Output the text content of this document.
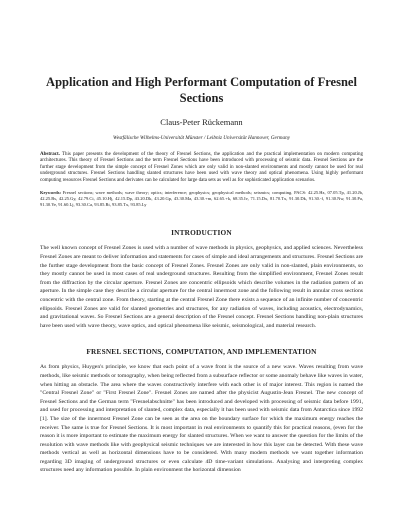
Application and High Performant Computation of Fresnel Sections
Claus-Peter Rückemann
Westfälische Wilhelms-Universität Münster / Leibniz Universität Hannover, Germany
Abstract. This paper presents the development of the theory of Fresnel Sections, the application and the practical implementation on modern computing architectures. This theory of Fresnel Sections and the term Fresnel Sections have been introduced with processing of seismic data. Fresnel Sections are the further stage development from the simple concept of Fresnel Zones which are only valid in non-slanted environments and mostly cannot be used for real underground structures. Fresnel Sections handling slanted structures have been used with wave theory and optical phenomena. Using highly performant computing resources Fresnel Sections and derivates can be calculated for large data sets as well as for sophisticated application scenarios.
Keywords: Fresnel sections; wave methods; wave theory; optics; interference; geophysics; geophysical methods; seismics; computing. PACS: 42.25.Hz, 07.05.Tp, 41.20.Jb, 42.25.Bs, 42.25.Gy, 42.79.Ci, 45.10.Hj, 42.15.Dp, 43.20.Dk, 43.20.Gp, 43.30.Ma, 43.30.+m, 62.65.+k, 68.35.Iv, 71.15.Dx, 81.70.Tx, 91.30.Dk, 91.30.-f, 91.30.Nw, 91.30.Pa, 91.30.Ye, 91.60.Lj, 93.30.Ca, 93.85.Rt, 93.85.Tx, 93.85.Ly
INTRODUCTION
The well known concept of Fresnel Zones is used with a number of wave methods in physics, geophysics, and applied sciences. Nevertheless Fresnel Zones are meant to deliver information and statements for cases of simple and ideal arrangements and structures. Fresnel Sections are the further stage development from the basic concept of Fresnel Zones. Fresnel Zones are only valid in non-slanted, plain environments, so they mostly cannot be used in most cases of real underground structures. Resulting from the simplified environment, Fresnel Zones result from the diffraction by the circular aperture. Fresnel Zones are concentric ellipsoids which describe volumes in the radiation pattern of an aperture. In the simple case they describe a circular aperture for the central innermost zone and the following result in annular cross sections concentric with the central zone. From theory, starting at the central Fresnel Zone there exists a sequence of an infinite number of concentric ellipsoids. Fresnel Zones are valid for slanted geometries and structures, for any radiation of waves, including acoustics, electrodynamics, and gravitational waves. So Fresnel Sections are a general description of the Fresnel concept. Fresnel Sections handling non-plain structures have been used with wave theory, wave optics, and optical phenomena like seismic, seismological, and material research.
FRESNEL SECTIONS, COMPUTATION, AND IMPLEMENTATION
As from physics, Huygen's principle, we know that each point of a wave front is the source of a new wave. Waves resulting from wave methods, like seismic methods or tomography, when being reflected from a subsurface reflector or some anomaly behave like waves in water, when hitting an obstacle. The area where the waves constructively interfere with each other is of major interest. This region is named the "Central Fresnel Zone" or "First Fresnel Zone". Fresnel Zones are named after the physicist Augustin-Jean Fresnel. The new concept of Fresnel Sections and the German term "Fresnelabschnitte" has been introduced and developed with processing of seismic data before 1991, and used for processing and interpretation of slanted, complex data, especially it has been used with seismic data from Antarctica since 1992 [1]. The size of the innermost Fresnel Zone can be seen as the area on the boundary surface for which the maximum energy reaches the receiver. The same is true for Fresnel Sections. It is most important in real environments to quantify this for practical reasons, (even for the reason it is more important to estimate the maximum energy for slanted structures. When we want to answer the question for the limits of the resolution with wave methods like with geophysical seismic techniques we are interested in how this layer can be detected. With these wave methods vertical as well as horizontal dimensions have to be considered. With many modern methods we want together information regarding 3D imaging of underground structures or even calculate 4D time-variant simulations. Analysing and interpreting complex structures need any information possible. In plain environment the horizontal dimension
